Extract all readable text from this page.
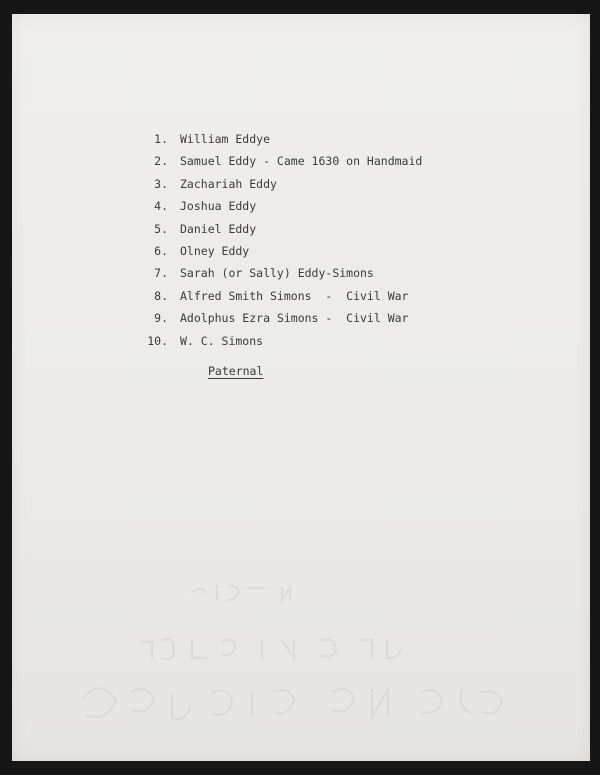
1. William Eddye
2. Samuel Eddy - Came 1630 on Handmaid
3. Zachariah Eddy
4. Joshua Eddy
5. Daniel Eddy
6. Olney Eddy
7. Sarah (or Sally) Eddy-Simons
8. Alfred Smith Simons  -  Civil War
9. Adolphus Ezra Simons -  Civil War
10. W. C. Simons
Paternal
